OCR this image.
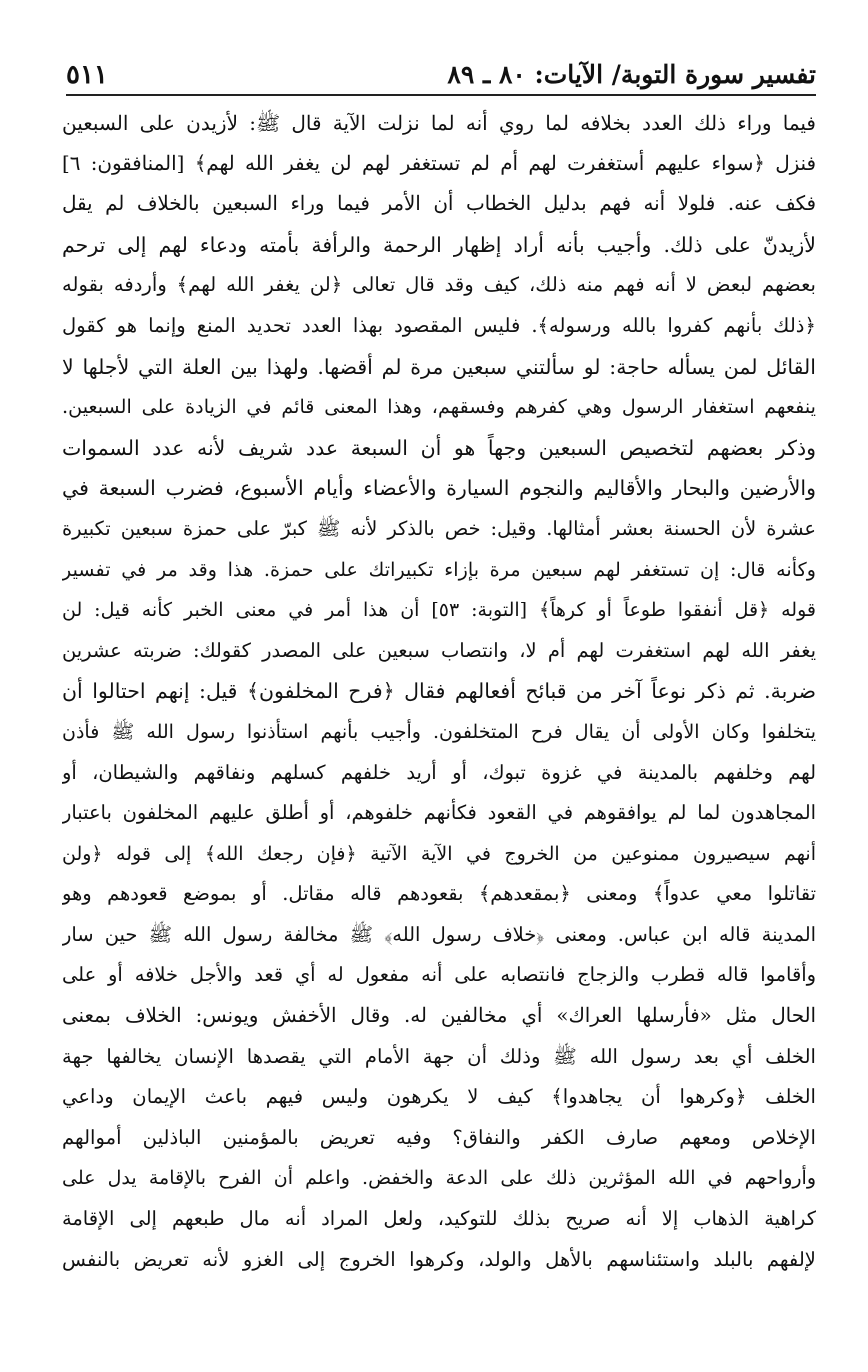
تفسير سورة التوبة/ الآيات: ٨٠ ـ ٨٩
٥١١
فيما وراء ذلك العدد بخلافه لما روي أنه لما نزلت الآية قال ﷺ: لأزيدن على السبعين
فنزل ﴿سواء عليهم أستغفرت لهم أم لم تستغفر لهم لن يغفر الله لهم﴾ [المنافقون: ٦]
فكف عنه. فلولا أنه فهم بدليل الخطاب أن الأمر فيما وراء السبعين بالخلاف لم يقل
لأزيدنّ على ذلك. وأجيب بأنه أراد إظهار الرحمة والرأفة بأمته ودعاء لهم إلى ترحم
بعضهم لبعض لا أنه فهم منه ذلك، كيف وقد قال تعالى ﴿لن يغفر الله لهم﴾ وأردفه بقوله
﴿ذلك بأنهم كفروا بالله ورسوله﴾. فليس المقصود بهذا العدد تحديد المنع وإنما هو كقول
القائل لمن يسأله حاجة: لو سألتني سبعين مرة لم أقضها. ولهذا بين العلة التي لأجلها لا
ينفعهم استغفار الرسول وهي كفرهم وفسقهم، وهذا المعنى قائم في الزيادة على السبعين.
وذكر بعضهم لتخصيص السبعين وجهاً هو أن السبعة عدد شريف لأنه عدد السموات
والأرضين والبحار والأقاليم والنجوم السيارة والأعضاء وأيام الأسبوع، فضرب السبعة في
عشرة لأن الحسنة بعشر أمثالها. وقيل: خص بالذكر لأنه ﷺ كبرّ على حمزة سبعين تكبيرة
وكأنه قال: إن تستغفر لهم سبعين مرة بإزاء تكبيراتك على حمزة. هذا وقد مر في تفسير
قوله ﴿قل أنفقوا طوعاً أو كرهاً﴾ [التوبة: ٥٣] أن هذا أمر في معنى الخبر كأنه قيل: لن
يغفر الله لهم استغفرت لهم أم لا، وانتصاب سبعين على المصدر كقولك: ضربته عشرين
ضربة. ثم ذكر نوعاً آخر من قبائح أفعالهم فقال ﴿فرح المخلفون﴾ قيل: إنهم احتالوا أن
يتخلفوا وكان الأولى أن يقال فرح المتخلفون. وأجيب بأنهم استأذنوا رسول الله ﷺ فأذن
لهم وخلفهم بالمدينة في غزوة تبوك، أو أريد خلفهم كسلهم ونفاقهم والشيطان، أو
المجاهدون لما لم يوافقوهم في القعود فكأنهم خلفوهم، أو أطلق عليهم المخلفون باعتبار
أنهم سيصيرون ممنوعين من الخروج في الآية الآتية ﴿فإن رجعك الله﴾ إلى قوله ﴿ولن
تقاتلوا معي عدواً﴾ ومعنى ﴿بمقعدهم﴾ بقعودهم قاله مقاتل. أو بموضع قعودهم وهو
المدينة قاله ابن عباس. ومعنى ﴿خلاف رسول الله﴾ ﷺ مخالفة رسول الله ﷺ حين سار
وأقاموا قاله قطرب والزجاج فانتصابه على أنه مفعول له أي قعد والأجل خلافه أو على
الحال مثل «فأرسلها العراك» أي مخالفين له. وقال الأخفش ويونس: الخلاف بمعنى
الخلف أي بعد رسول الله ﷺ وذلك أن جهة الأمام التي يقصدها الإنسان يخالفها جهة
الخلف ﴿وكرهوا أن يجاهدوا﴾ كيف لا يكرهون وليس فيهم باعث الإيمان وداعي
الإخلاص ومعهم صارف الكفر والنفاق؟ وفيه تعريض بالمؤمنين الباذلين أموالهم
وأرواحهم في الله المؤثرين ذلك على الدعة والخفض. واعلم أن الفرح بالإقامة يدل على
كراهية الذهاب إلا أنه صريح بذلك للتوكيد، ولعل المراد أنه مال طبعهم إلى الإقامة
لإلفهم بالبلد واستئناسهم بالأهل والولد، وكرهوا الخروج إلى الغزو لأنه تعريض بالنفس
